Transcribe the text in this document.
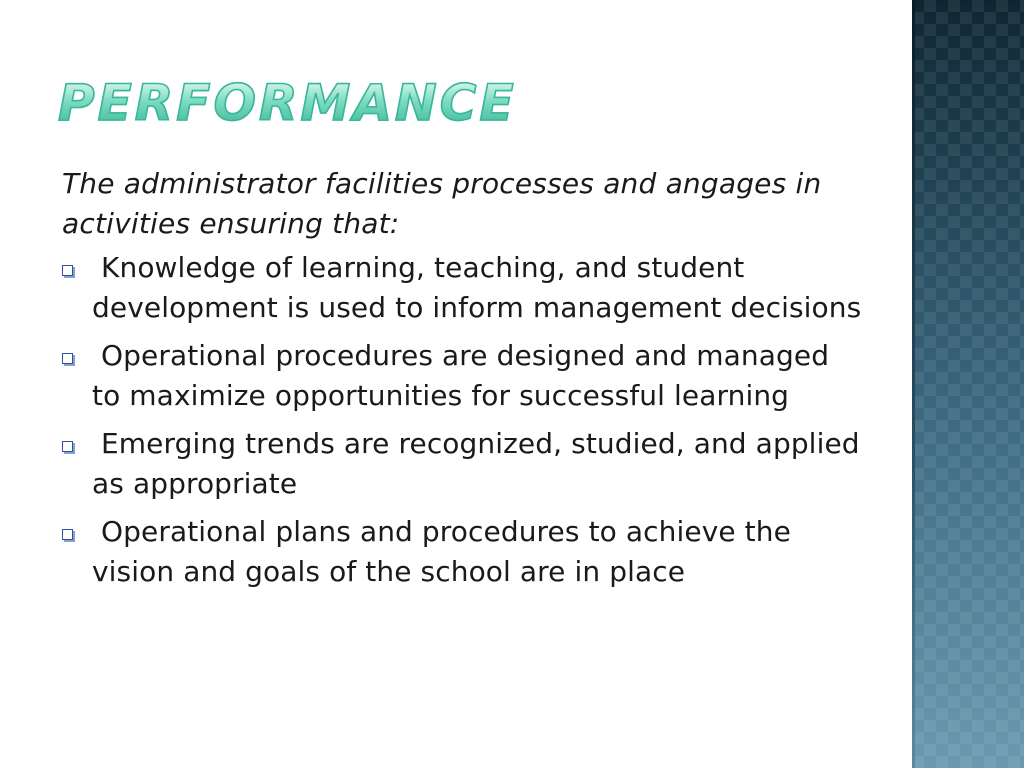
PERFORMANCE

The administrator facilities processes and angages in activities ensuring that:

Knowledge of learning, teaching, and student development is used to inform management decisions
Operational procedures are designed and managed to maximize opportunities for successful learning
Emerging trends are recognized, studied, and applied as appropriate
Operational plans and procedures to achieve the vision and goals of the school are in place
